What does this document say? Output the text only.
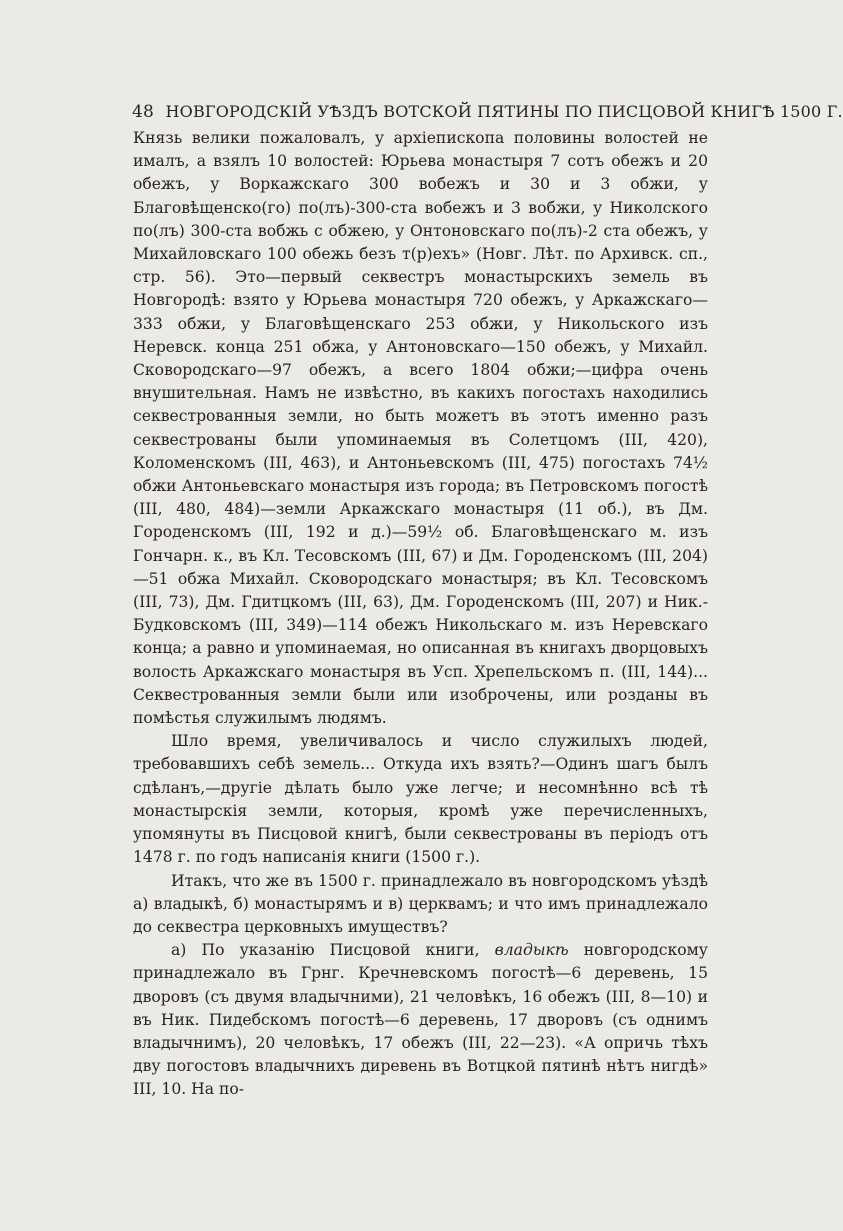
48 НОВГОРОДСКІЙ УѢЗДЪ ВОТСКОЙ ПЯТИНЫ ПО ПИСЦОВОЙ КНИГѢ 1500 Г.

Князь велики пожаловалъ, у архіепископа половины волостей не ималъ, а взялъ 10 волостей: Юрьева монастыря 7 сотъ обежъ и 20 обежъ, у Воркажскаго 300 вобежъ и 30 и 3 обжи, у Благовѣщенско(го) по(лъ)-300-ста вобежъ и 3 вобжи, у Николского по(лъ) 300-ста вобжь с обжею, у Онтоновскаго по(лъ)-2 ста обежъ, у Михайловскаго 100 обежь безъ т(р)ехъ» (Новг. Лѣт. по Архивск. сп., стр. 56). Это—первый секвестръ монастырскихъ земель въ Новгородѣ: взято у Юрьева монастыря 720 обежъ, у Аркажскаго—333 обжи, у Благовѣщенскаго 253 обжи, у Никольского изъ Неревск. конца 251 обжа, у Антоновскаго—150 обежъ, у Михайл. Сковородскаго—97 обежъ, а всего 1804 обжи;—цифра очень внушительная. Намъ не извѣстно, въ какихъ погостахъ находились секвестрованныя земли, но быть можетъ въ этотъ именно разъ секвестрованы были упоминаемыя въ Солетцомъ (III, 420), Коломенскомъ (III, 463), и Антоньевскомъ (III, 475) погостахъ 74½ обжи Антоньевскаго монастыря изъ города; въ Петровскомъ погостѣ (III, 480, 484)—земли Аркажскаго монастыря (11 об.), въ Дм. Городенскомъ (III, 192 и д.)—59½ об. Благовѣщенскаго м. изъ Гончарн. к., въ Кл. Тесовскомъ (III, 67) и Дм. Городенскомъ (III, 204)—51 обжа Михайл. Сковородскаго монастыря; въ Кл. Тесовскомъ (III, 73), Дм. Гдитцкомъ (III, 63), Дм. Городенскомъ (III, 207) и Ник.-Будковскомъ (III, 349)—114 обежъ Никольскаго м. изъ Неревскаго конца; а равно и упоминаемая, но описанная въ книгахъ дворцовыхъ волость Аркажскаго монастыря въ Усп. Хрепельскомъ п. (III, 144)... Секвестрованныя земли были или изоброчены, или розданы въ помѣстья служилымъ людямъ.

Шло время, увеличивалось и число служилыхъ людей, требовавшихъ себѣ земель... Откуда ихъ взять?—Одинъ шагъ былъ сдѣланъ,—другіе дѣлать было уже легче; и несомнѣнно всѣ тѣ монастырскія земли, которыя, кромѣ уже перечисленныхъ, упомянуты въ Писцовой книгѣ, были секвестрованы въ періодъ отъ 1478 г. по годъ написанія книги (1500 г.).

Итакъ, что же въ 1500 г. принадлежало въ новгородскомъ уѣздѣ а) владыкѣ, б) монастырямъ и в) церквамъ; и что имъ принадлежало до секвестра церковныхъ имуществъ?

а) По указанію Писцовой книги, владыкѣ новгородскому принадлежало въ Грнг. Кречневскомъ погостѣ—6 деревень, 15 дворовъ (съ двумя владычними), 21 человѣкъ, 16 обежъ (III, 8—10) и въ Ник. Пидебскомъ погостѣ—6 деревень, 17 дворовъ (съ однимъ владычнимъ), 20 человѣкъ, 17 обежъ (III, 22—23). «А опричь тѣхъ дву погостовъ владычнихъ диревень въ Вотцкой пятинѣ нѣтъ нигдѣ» III, 10. На по-
